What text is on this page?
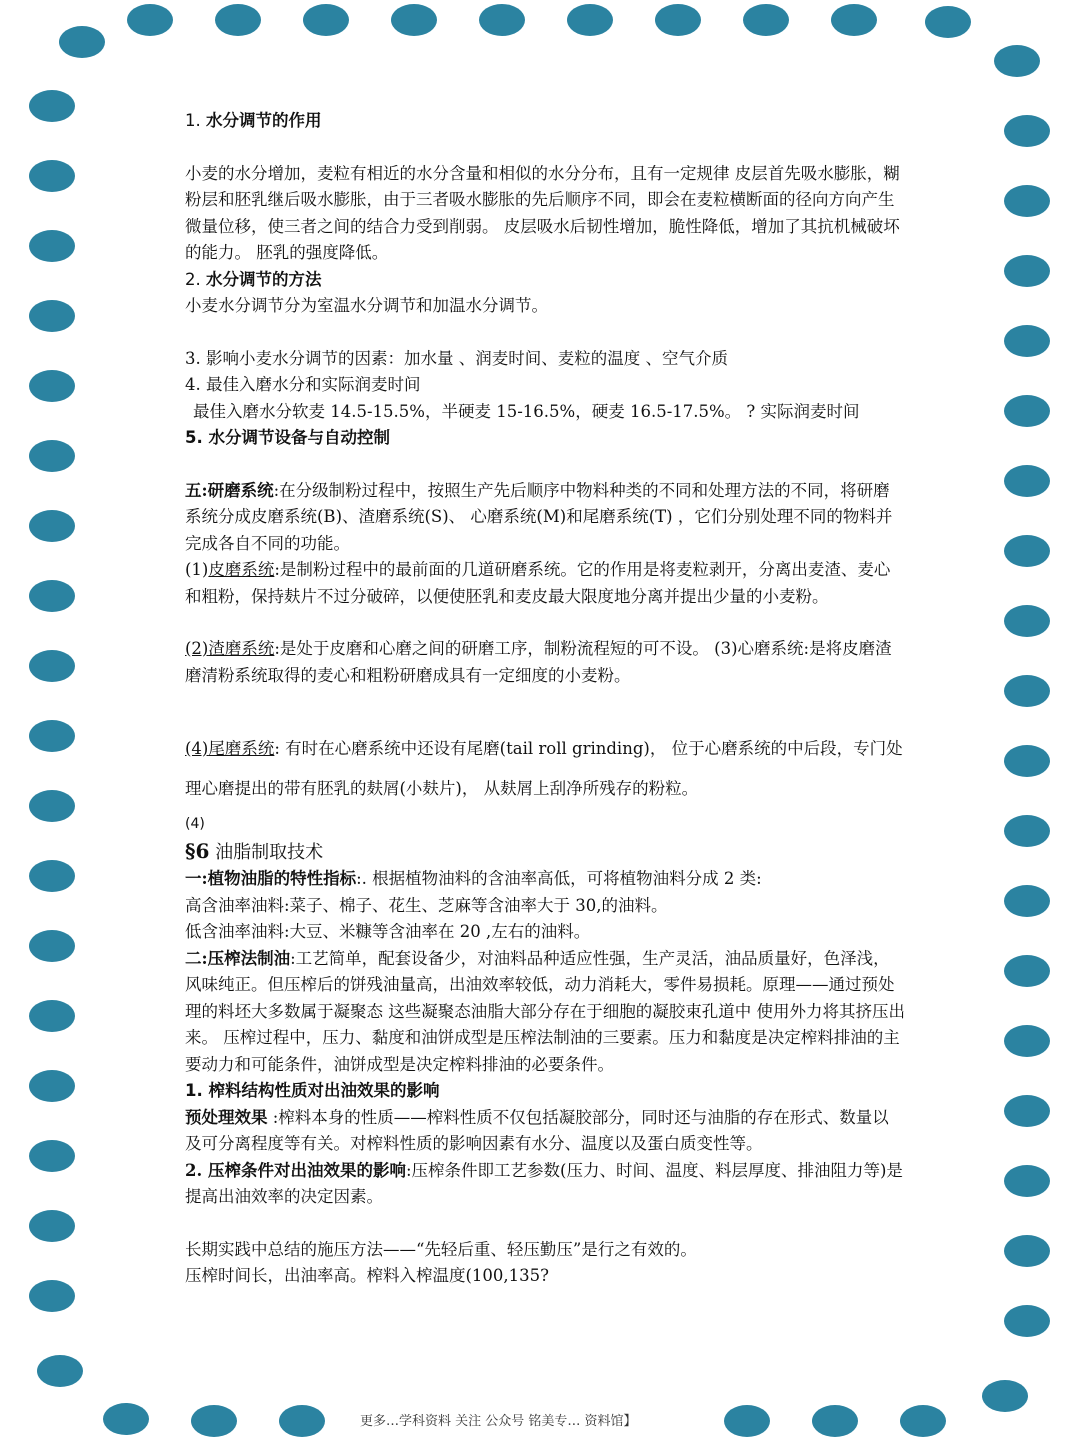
1. 水分调节的作用

小麦的水分增加，麦粒有相近的水分含量和相似的水分分布，且有一定规律 皮层首先吸水膨胀，糊粉层和胚乳继后吸水膨胀，由于三者吸水膨胀的先后顺序不同，即会在麦粒横断面的径向方向产生微量位移，使三者之间的结合力受到削弱。 皮层吸水后韧性增加，脆性降低，增加了其抗机械破坏的能力。 胚乳的强度降低。

2. 水分调节的方法

小麦水分调节分为室温水分调节和加温水分调节。

3. 影响小麦水分调节的因素：加水量 、润麦时间、麦粒的温度 、空气介质

4. 最佳入磨水分和实际润麦时间

最佳入磨水分软麦 14.5-15.5%，半硬麦 15-16.5%，硬麦 16.5-17.5%。 ? 实际润麦时间

5. 水分调节设备与自动控制

五:研磨系统:在分级制粉过程中，按照生产先后顺序中物料种类的不同和处理方法的不同，将研磨系统分成皮磨系统(B)、渣磨系统(S)、 心磨系统(M)和尾磨系统(T) ，它们分别处理不同的物料并完成各自不同的功能。

(1)皮磨系统:是制粉过程中的最前面的几道研磨系统。它的作用是将麦粒剥开，分离出麦渣、麦心和粗粉，保持麸片不过分破碎，以便使胚乳和麦皮最大限度地分离并提出少量的小麦粉。

(2)渣磨系统:是处于皮磨和心磨之间的研磨工序，制粉流程短的可不设。 (3)心磨系统:是将皮磨渣磨清粉系统取得的麦心和粗粉研磨成具有一定细度的小麦粉。

(4)尾磨系统: 有时在心磨系统中还设有尾磨(tail roll grinding)， 位于心磨系统的中后段，专门处理心磨提出的带有胚乳的麸屑(小麸片)， 从麸屑上刮净所残存的粉粒。

(4)

§6 油脂制取技术

一:植物油脂的特性指标:. 根据植物油料的含油率高低，可将植物油料分成 2 类:

高含油率油料:菜子、棉子、花生、芝麻等含油率大于 30,的油料。

低含油率油料:大豆、米糠等含油率在 20 ,左右的油料。

二:压榨法制油:工艺简单，配套设备少，对油料品种适应性强，生产灵活，油品质量好，色泽浅，风味纯正。但压榨后的饼残油量高，出油效率较低，动力消耗大，零件易损耗。原理——通过预处理的料坯大多数属于凝聚态 这些凝聚态油脂大部分存在于细胞的凝胶束孔道中 使用外力将其挤压出来。 压榨过程中，压力、黏度和油饼成型是压榨法制油的三要素。压力和黏度是决定榨料排油的主要动力和可能条件，油饼成型是决定榨料排油的必要条件。

1. 榨料结构性质对出油效果的影响

预处理效果 :榨料本身的性质——榨料性质不仅包括凝胶部分，同时还与油脂的存在形式、数量以及可分离程度等有关。对榨料性质的影响因素有水分、温度以及蛋白质变性等。

2. 压榨条件对出油效果的影响:压榨条件即工艺参数(压力、时间、温度、料层厚度、排油阻力等)是提高出油效率的决定因素。

长期实践中总结的施压方法——“先轻后重、轻压勤压”是行之有效的。

压榨时间长，出油率高。榨料入榨温度(100,135?

更多…学科资料 关注 公众号 铭美专… 资料馆】
